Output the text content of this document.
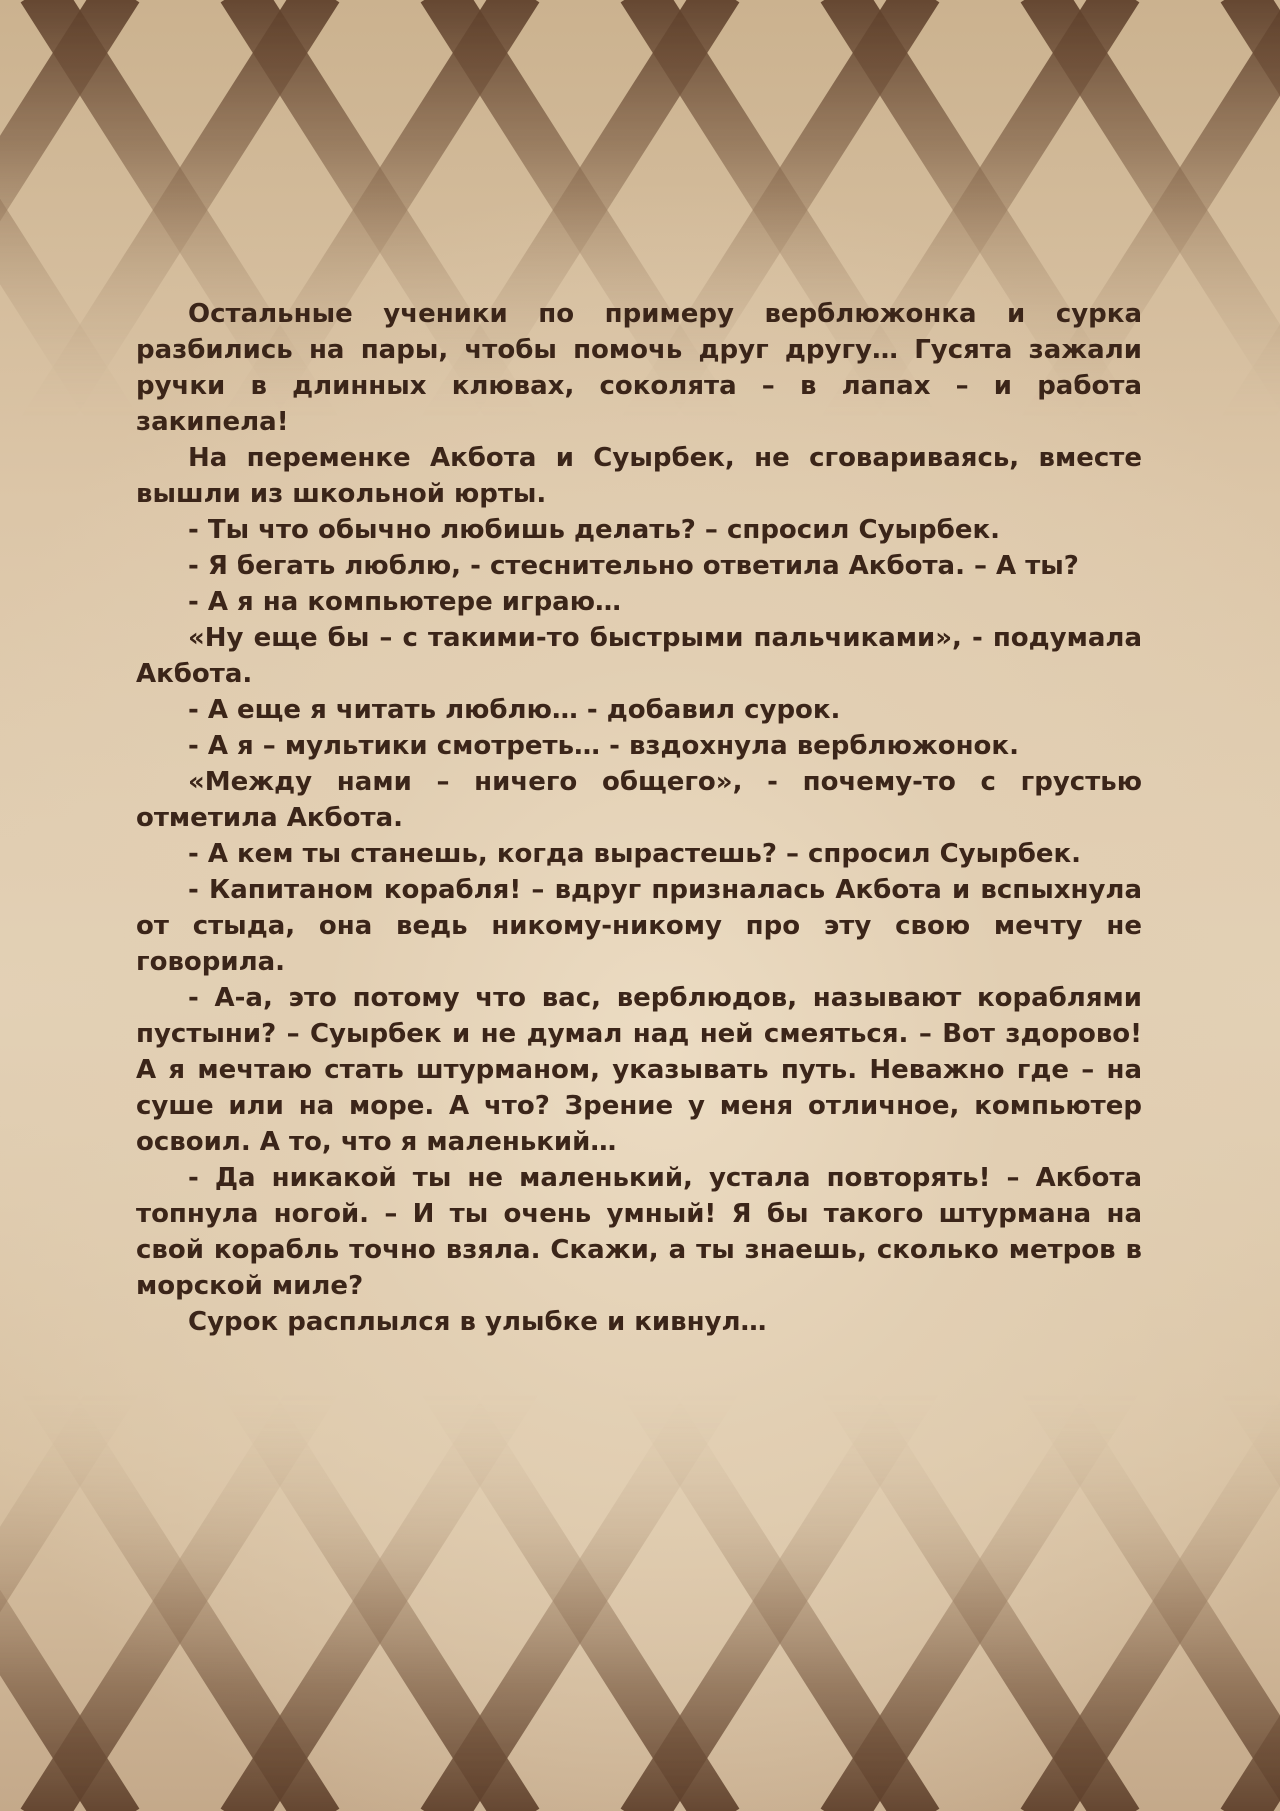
Остальные ученики по примеру верблюжонка и сурка разбились на пары, чтобы помочь друг другу… Гусята зажали ручки в длинных клювах, соколята – в лапах – и работа закипела!

На переменке Акбота и Суырбек, не сговариваясь, вместе вышли из школьной юрты.

- Ты что обычно любишь делать? – спросил Суырбек.

- Я бегать люблю, - стеснительно ответила Акбота. – А ты?

- А я на компьютере играю…

«Ну еще бы – с такими-то быстрыми пальчиками», - подумала Акбота.

- А еще я читать люблю… - добавил сурок.

- А я – мультики смотреть… - вздохнула верблюжонок.

«Между нами – ничего общего», - почему-то с грустью отметила Акбота.

- А кем ты станешь, когда вырастешь? – спросил Суырбек.

- Капитаном корабля! – вдруг призналась Акбота и вспыхнула от стыда, она ведь никому-никому про эту свою мечту не говорила.

- А-а, это потому что вас, верблюдов, называют кораблями пустыни? – Суырбек и не думал над ней смеяться. – Вот здорово! А я мечтаю стать штурманом, указывать путь. Неважно где – на суше или на море. А что? Зрение у меня отличное, компьютер освоил. А то, что я маленький…

- Да никакой ты не маленький, устала повторять! – Акбота топнула ногой. – И ты очень умный! Я бы такого штурмана на свой корабль точно взяла. Скажи, а ты знаешь, сколько метров в морской миле?

Сурок расплылся в улыбке и кивнул…
